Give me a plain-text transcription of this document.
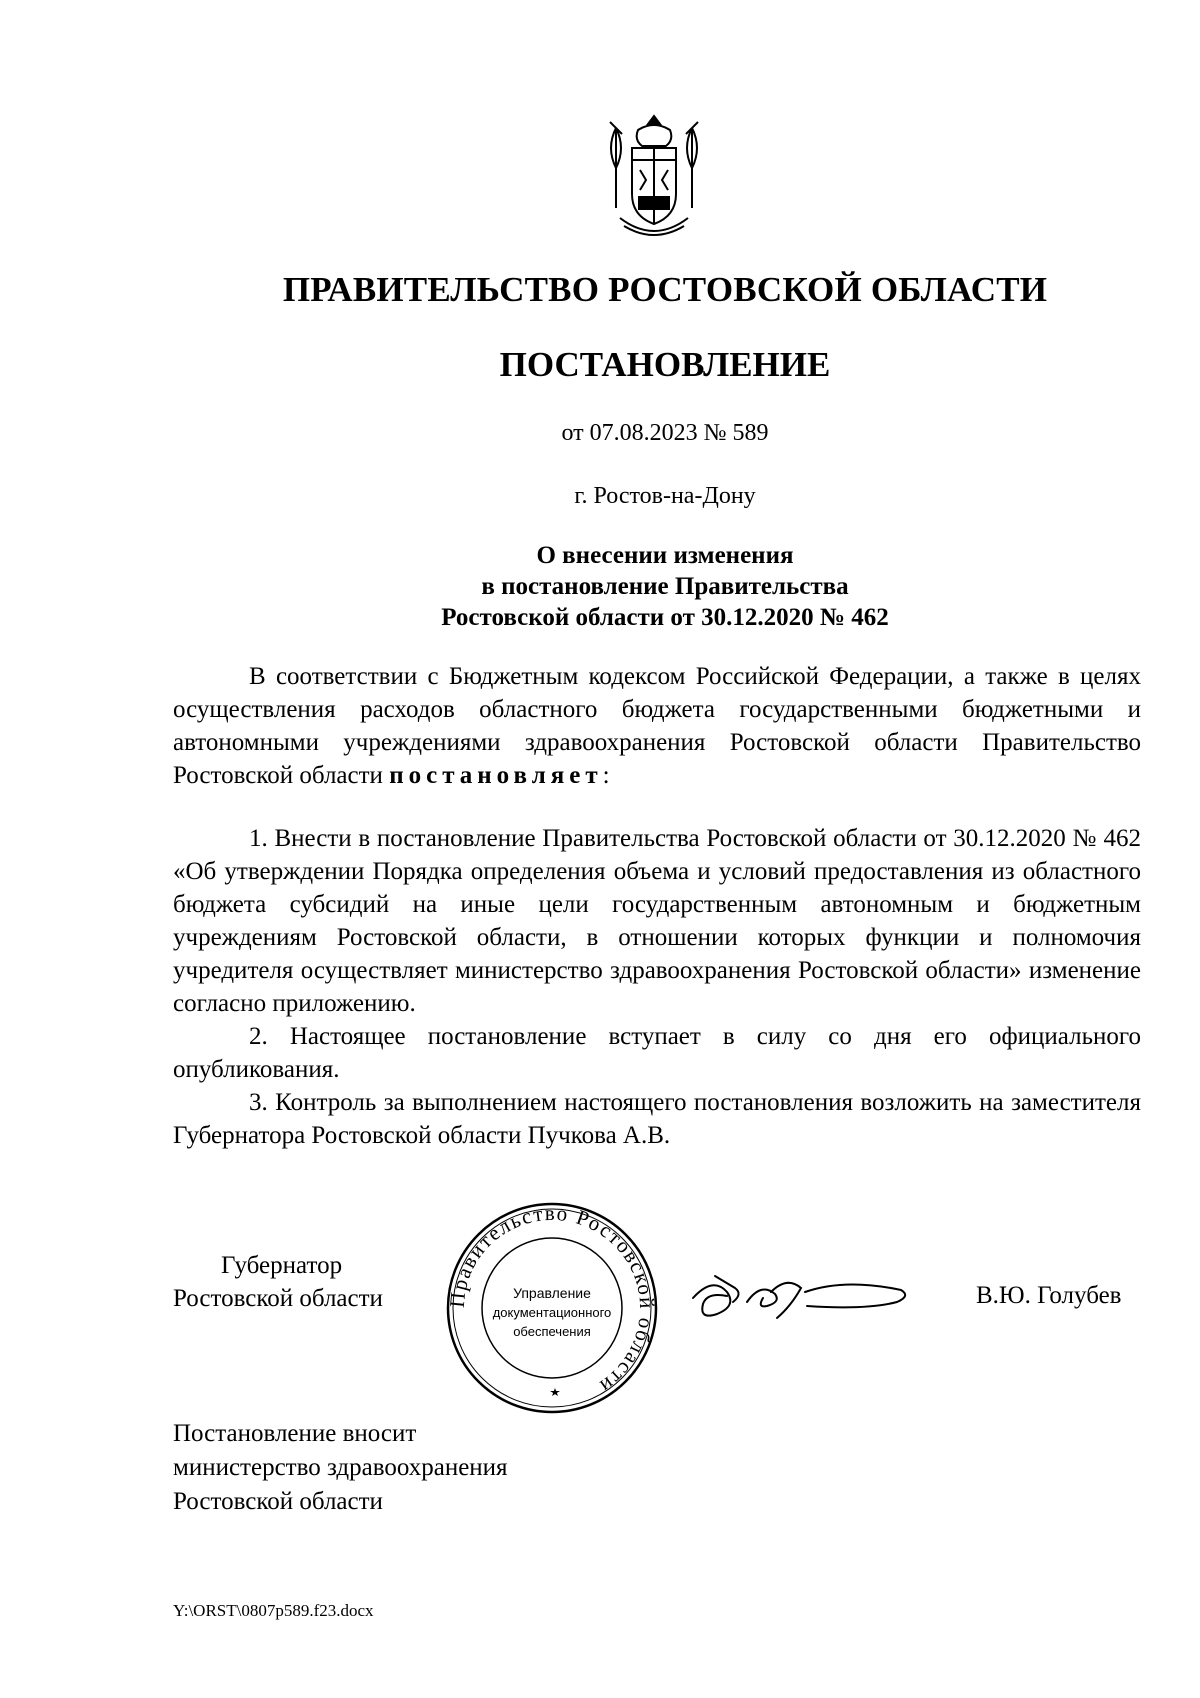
ПРАВИТЕЛЬСТВО РОСТОВСКОЙ ОБЛАСТИ
ПОСТАНОВЛЕНИЕ
от 07.08.2023 № 589
г. Ростов-на-Дону
О внесении изменения
в постановление Правительства
Ростовской области от 30.12.2020 № 462

В соответствии с Бюджетным кодексом Российской Федерации, а также в целях осуществления расходов областного бюджета государственными бюджетными и автономными учреждениями здравоохранения Ростовской области Правительство Ростовской области постановляет:

1. Внести в постановление Правительства Ростовской области от 30.12.2020 № 462 «Об утверждении Порядка определения объема и условий предоставления из областного бюджета субсидий на иные цели государственным автономным и бюджетным учреждениям Ростовской области, в отношении которых функции и полномочия учредителя осуществляет министерство здравоохранения Ростовской области» изменение согласно приложению.

2. Настоящее постановление вступает в силу со дня его официального опубликования.

3. Контроль за выполнением настоящего постановления возложить на заместителя Губернатора Ростовской области Пучкова А.В.

Губернатор
Ростовской области	Правительство Ростовской области
Управление
документационного
обеспечения
В.Ю. Голубев
Постановление вносит
министерство здравоохранения
Ростовской области
Y:\ORST\0807p589.f23.docx
